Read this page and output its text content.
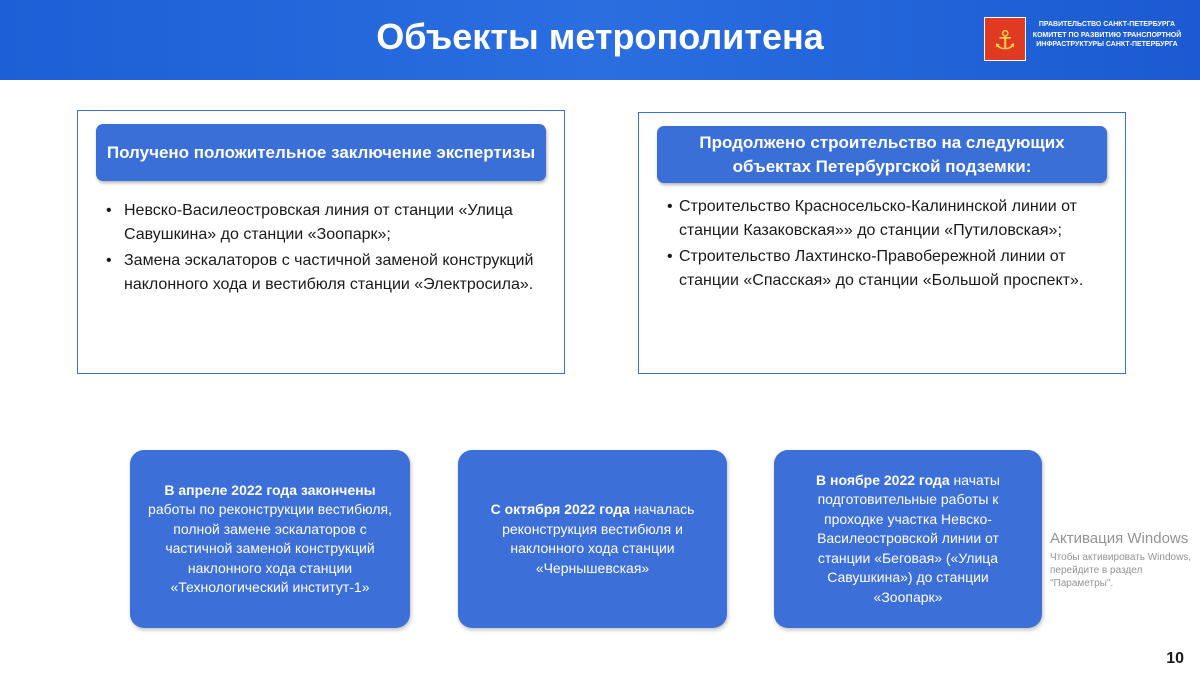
Объекты метрополитена	⚓
ПРАВИТЕЛЬСТВО САНКТ-ПЕТЕРБУРГА
КОМИТЕТ ПО РАЗВИТИЮ ТРАНСПОРТНОЙ ИНФРАСТРУКТУРЫ САНКТ-ПЕТЕРБУРГА
Получено положительное заключение экспертизы
• Невско-Василеостровская линия от станции «Улица Савушкина» до станции «Зоопарк»;
• Замена эскалаторов с частичной заменой конструкций наклонного хода и вестибюля станции «Электросила».
Продолжено строительство на следующих объектах Петербургской подземки:
• Строительство Красносельско-Калининской линии от станции Казаковская»» до станции «Путиловская»;
• Строительство Лахтинско-Правобережной линии от станции «Спасская» до станции «Большой проспект».
В апреле 2022 года закончены работы по реконструкции вестибюля, полной замене эскалаторов с частичной заменой конструкций наклонного хода станции «Технологический институт-1»
С октября 2022 года началась реконструкция вестибюля и наклонного хода станции «Чернышевская»
В ноябре 2022 года начаты подготовительные работы к проходке участка Невско-Василеостровской линии от станции «Беговая» («Улица Савушкина») до станции «Зоопарк»
Активация Windows
Чтобы активировать Windows, перейдите в раздел "Параметры".
10
